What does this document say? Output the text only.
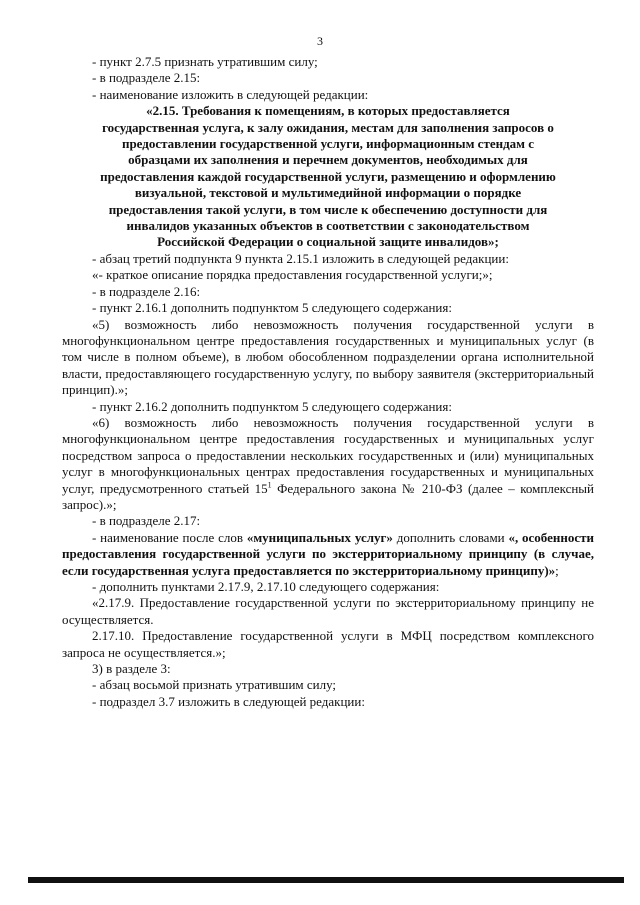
3

- пункт 2.7.5 признать утратившим силу;

- в подразделе 2.15:

- наименование изложить в следующей редакции:

«2.15. Требования к помещениям, в которых предоставляется
государственная услуга, к залу ожидания, местам для заполнения запросов о
предоставлении государственной услуги, информационным стендам с
образцами их заполнения и перечнем документов, необходимых для
предоставления каждой государственной услуги, размещению и оформлению
визуальной, текстовой и мультимедийной информации о порядке
предоставления такой услуги, в том числе к обеспечению доступности для
инвалидов указанных объектов в соответствии с законодательством
Российской Федерации о социальной защите инвалидов»;

- абзац третий подпункта 9 пункта 2.15.1 изложить в следующей редакции:

«- краткое описание порядка предоставления государственной услуги;»;

- в подразделе 2.16:

- пункт 2.16.1 дополнить подпунктом 5 следующего содержания:

«5) возможность либо невозможность получения государственной услуги в многофункциональном центре предоставления государственных и муниципальных услуг (в том числе в полном объеме), в любом обособленном подразделении органа исполнительной власти, предоставляющего государственную услугу, по выбору заявителя (экстерриториальный принцип).»;

- пункт 2.16.2 дополнить подпунктом 5 следующего содержания:

«6) возможность либо невозможность получения государственной услуги в многофункциональном центре предоставления государственных и муниципальных услуг посредством запроса о предоставлении нескольких государственных и (или) муниципальных услуг в многофункциональных центрах предоставления государственных и муниципальных услуг, предусмотренного статьей $15^1$ Федерального закона № 210-ФЗ (далее – комплексный запрос).»;

- в подразделе 2.17:

- наименование после слов «муниципальных услуг» дополнить словами «, особенности предоставления государственной услуги по экстерриториальному принципу (в случае, если государственная услуга предоставляется по экстерриториальному принципу)»;

- дополнить пунктами 2.17.9, 2.17.10 следующего содержания:

«2.17.9. Предоставление государственной услуги по экстерриториальному принципу не осуществляется.

2.17.10. Предоставление государственной услуги в МФЦ посредством комплексного запроса не осуществляется.»;

3) в разделе 3:

- абзац восьмой признать утратившим силу;

- подраздел 3.7 изложить в следующей редакции:
